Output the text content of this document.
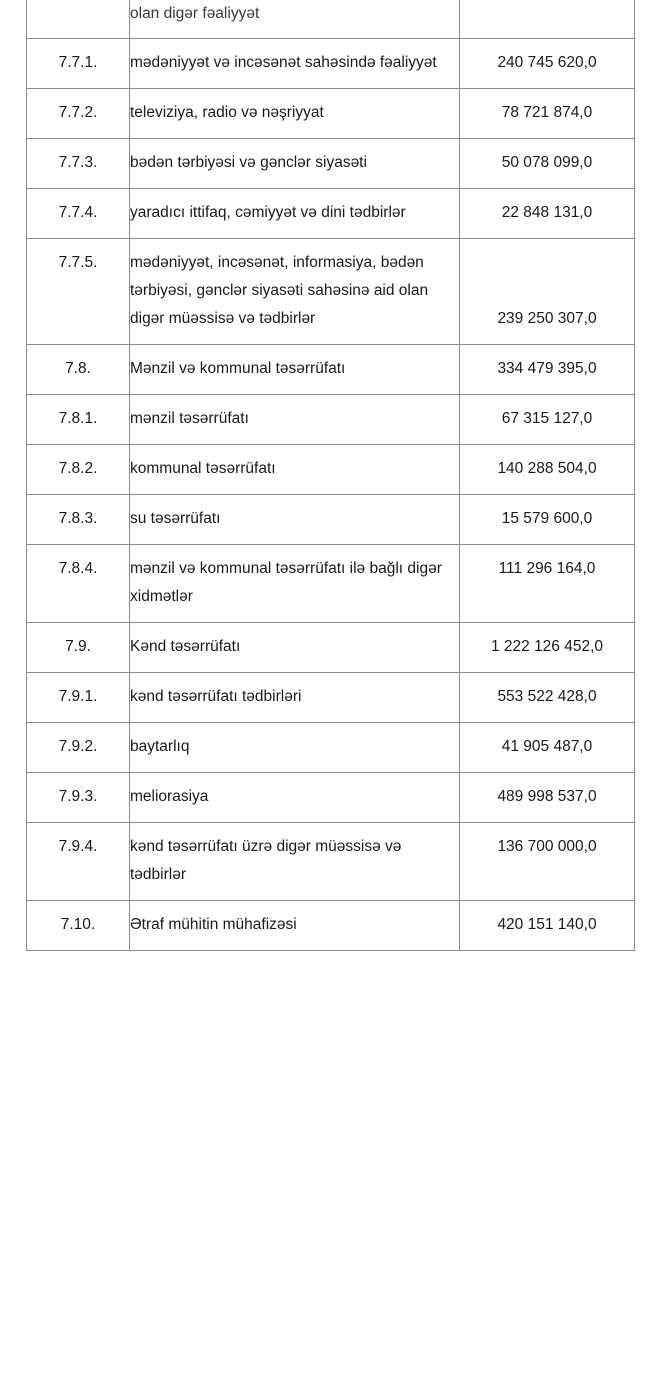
	olan digər fəaliyyət	
7.7.1.	mədəniyyət və incəsənət sahəsində fəaliyyət	240 745 620,0
7.7.2.	televiziya, radio və nəşriyyat	78 721 874,0
7.7.3.	bədən tərbiyəsi və gənclər siyasəti	50 078 099,0
7.7.4.	yaradıcı ittifaq, cəmiyyət və dini tədbirlər	22 848 131,0
7.7.5.	mədəniyyət, incəsənət, informasiya, bədən tərbiyəsi, gənclər siyasəti sahəsinə aid olan digər müəssisə və tədbirlər	239 250 307,0
7.8.	Mənzil və kommunal təsərrüfatı	334 479 395,0
7.8.1.	mənzil təsərrüfatı	67 315 127,0
7.8.2.	kommunal təsərrüfatı	140 288 504,0
7.8.3.	su təsərrüfatı	15 579 600,0
7.8.4.	mənzil və kommunal təsərrüfatı ilə bağlı digər xidmətlər	111 296 164,0
7.9.	Kənd təsərrüfatı	1 222 126 452,0
7.9.1.	kənd təsərrüfatı tədbirləri	553 522 428,0
7.9.2.	baytarlıq	41 905 487,0
7.9.3.	meliorasiya	489 998 537,0
7.9.4.	kənd təsərrüfatı üzrə digər müəssisə və tədbirlər	136 700 000,0
7.10.	Ətraf mühitin mühafizəsi	420 151 140,0
